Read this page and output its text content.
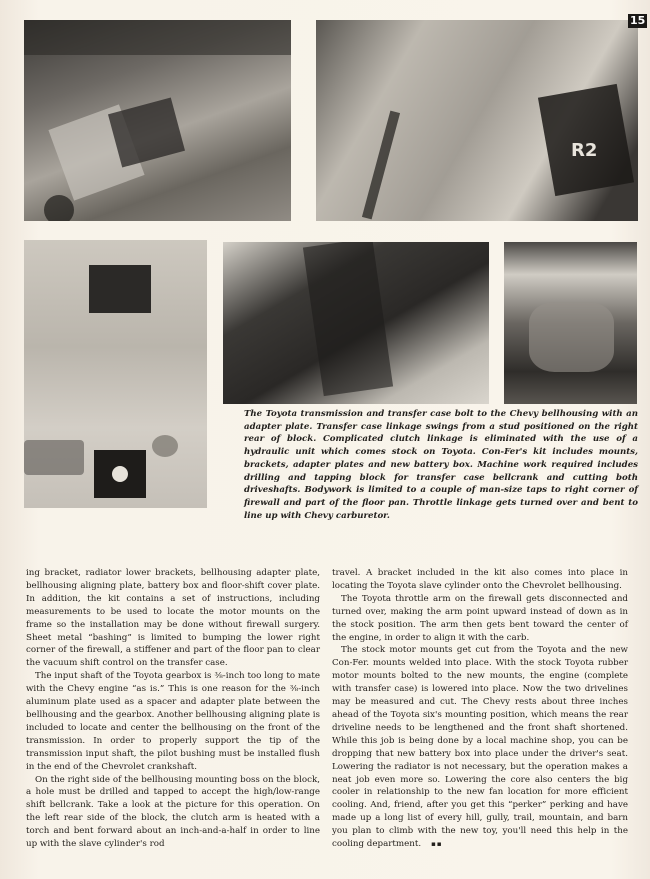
R2
15
The Toyota transmission and transfer case bolt to the Chevy bellhousing with an adapter plate. Transfer case linkage swings from a stud positioned on the right rear of block. Complicated clutch linkage is eliminated with the use of a hydraulic unit which comes stock on Toyota. Con-Fer's kit includes mounts, brackets, adapter plates and new battery box. Machine work required includes drilling and tapping block for transfer case bellcrank and cutting both driveshafts. Bodywork is limited to a couple of man-size taps to right corner of firewall and part of the floor pan. Throttle linkage gets turned over and bent to line up with Chevy carburetor.

ing bracket, radiator lower brackets, bellhousing adapter plate, bellhousing aligning plate, battery box and floor-shift cover plate. In addition, the kit contains a set of instructions, including measurements to be used to locate the motor mounts on the frame so the installation may be done without firewall surgery. Sheet metal “bashing” is limited to bumping the lower right corner of the firewall, a stiffener and part of the floor pan to clear the vacuum shift control on the transfer case.

The input shaft of the Toyota gearbox is ⅜-inch too long to mate with the Chevy engine “as is.” This is one reason for the ⅜-inch aluminum plate used as a spacer and adapter plate between the bellhousing and the gearbox. Another bellhousing aligning plate is included to locate and center the bellhousing on the front of the transmission. In order to properly support the tip of the transmission input shaft, the pilot bushing must be installed flush in the end of the Chevrolet crankshaft.

On the right side of the bellhousing mounting boss on the block, a hole must be drilled and tapped to accept the high/low-range shift bellcrank. Take a look at the picture for this operation. On the left rear side of the block, the clutch arm is heated with a torch and bent forward about an inch-and-a-half in order to line up with the slave cylinder's rod

travel. A bracket included in the kit also comes into place in locating the Toyota slave cylinder onto the Chevrolet bellhousing.

The Toyota throttle arm on the firewall gets disconnected and turned over, making the arm point upward instead of down as in the stock position. The arm then gets bent toward the center of the engine, in order to align it with the carb.

The stock motor mounts get cut from the Toyota and the new Con-Fer. mounts welded into place. With the stock Toyota rubber motor mounts bolted to the new mounts, the engine (complete with transfer case) is lowered into place. Now the two drivelines may be measured and cut. The Chevy rests about three inches ahead of the Toyota six's mounting position, which means the rear driveline needs to be lengthened and the front shaft shortened. While this job is being done by a local machine shop, you can be dropping that new battery box into place under the driver's seat. Lowering the radiator is not necessary, but the operation makes a neat job even more so. Lowering the core also centers the big cooler in relationship to the new fan location for more efficient cooling. And, friend, after you get this “perker” perking and have made up a long list of every hill, gully, trail, mountain, and barn you plan to climb with the new toy, you'll need this help in the cooling department. ▪▪
